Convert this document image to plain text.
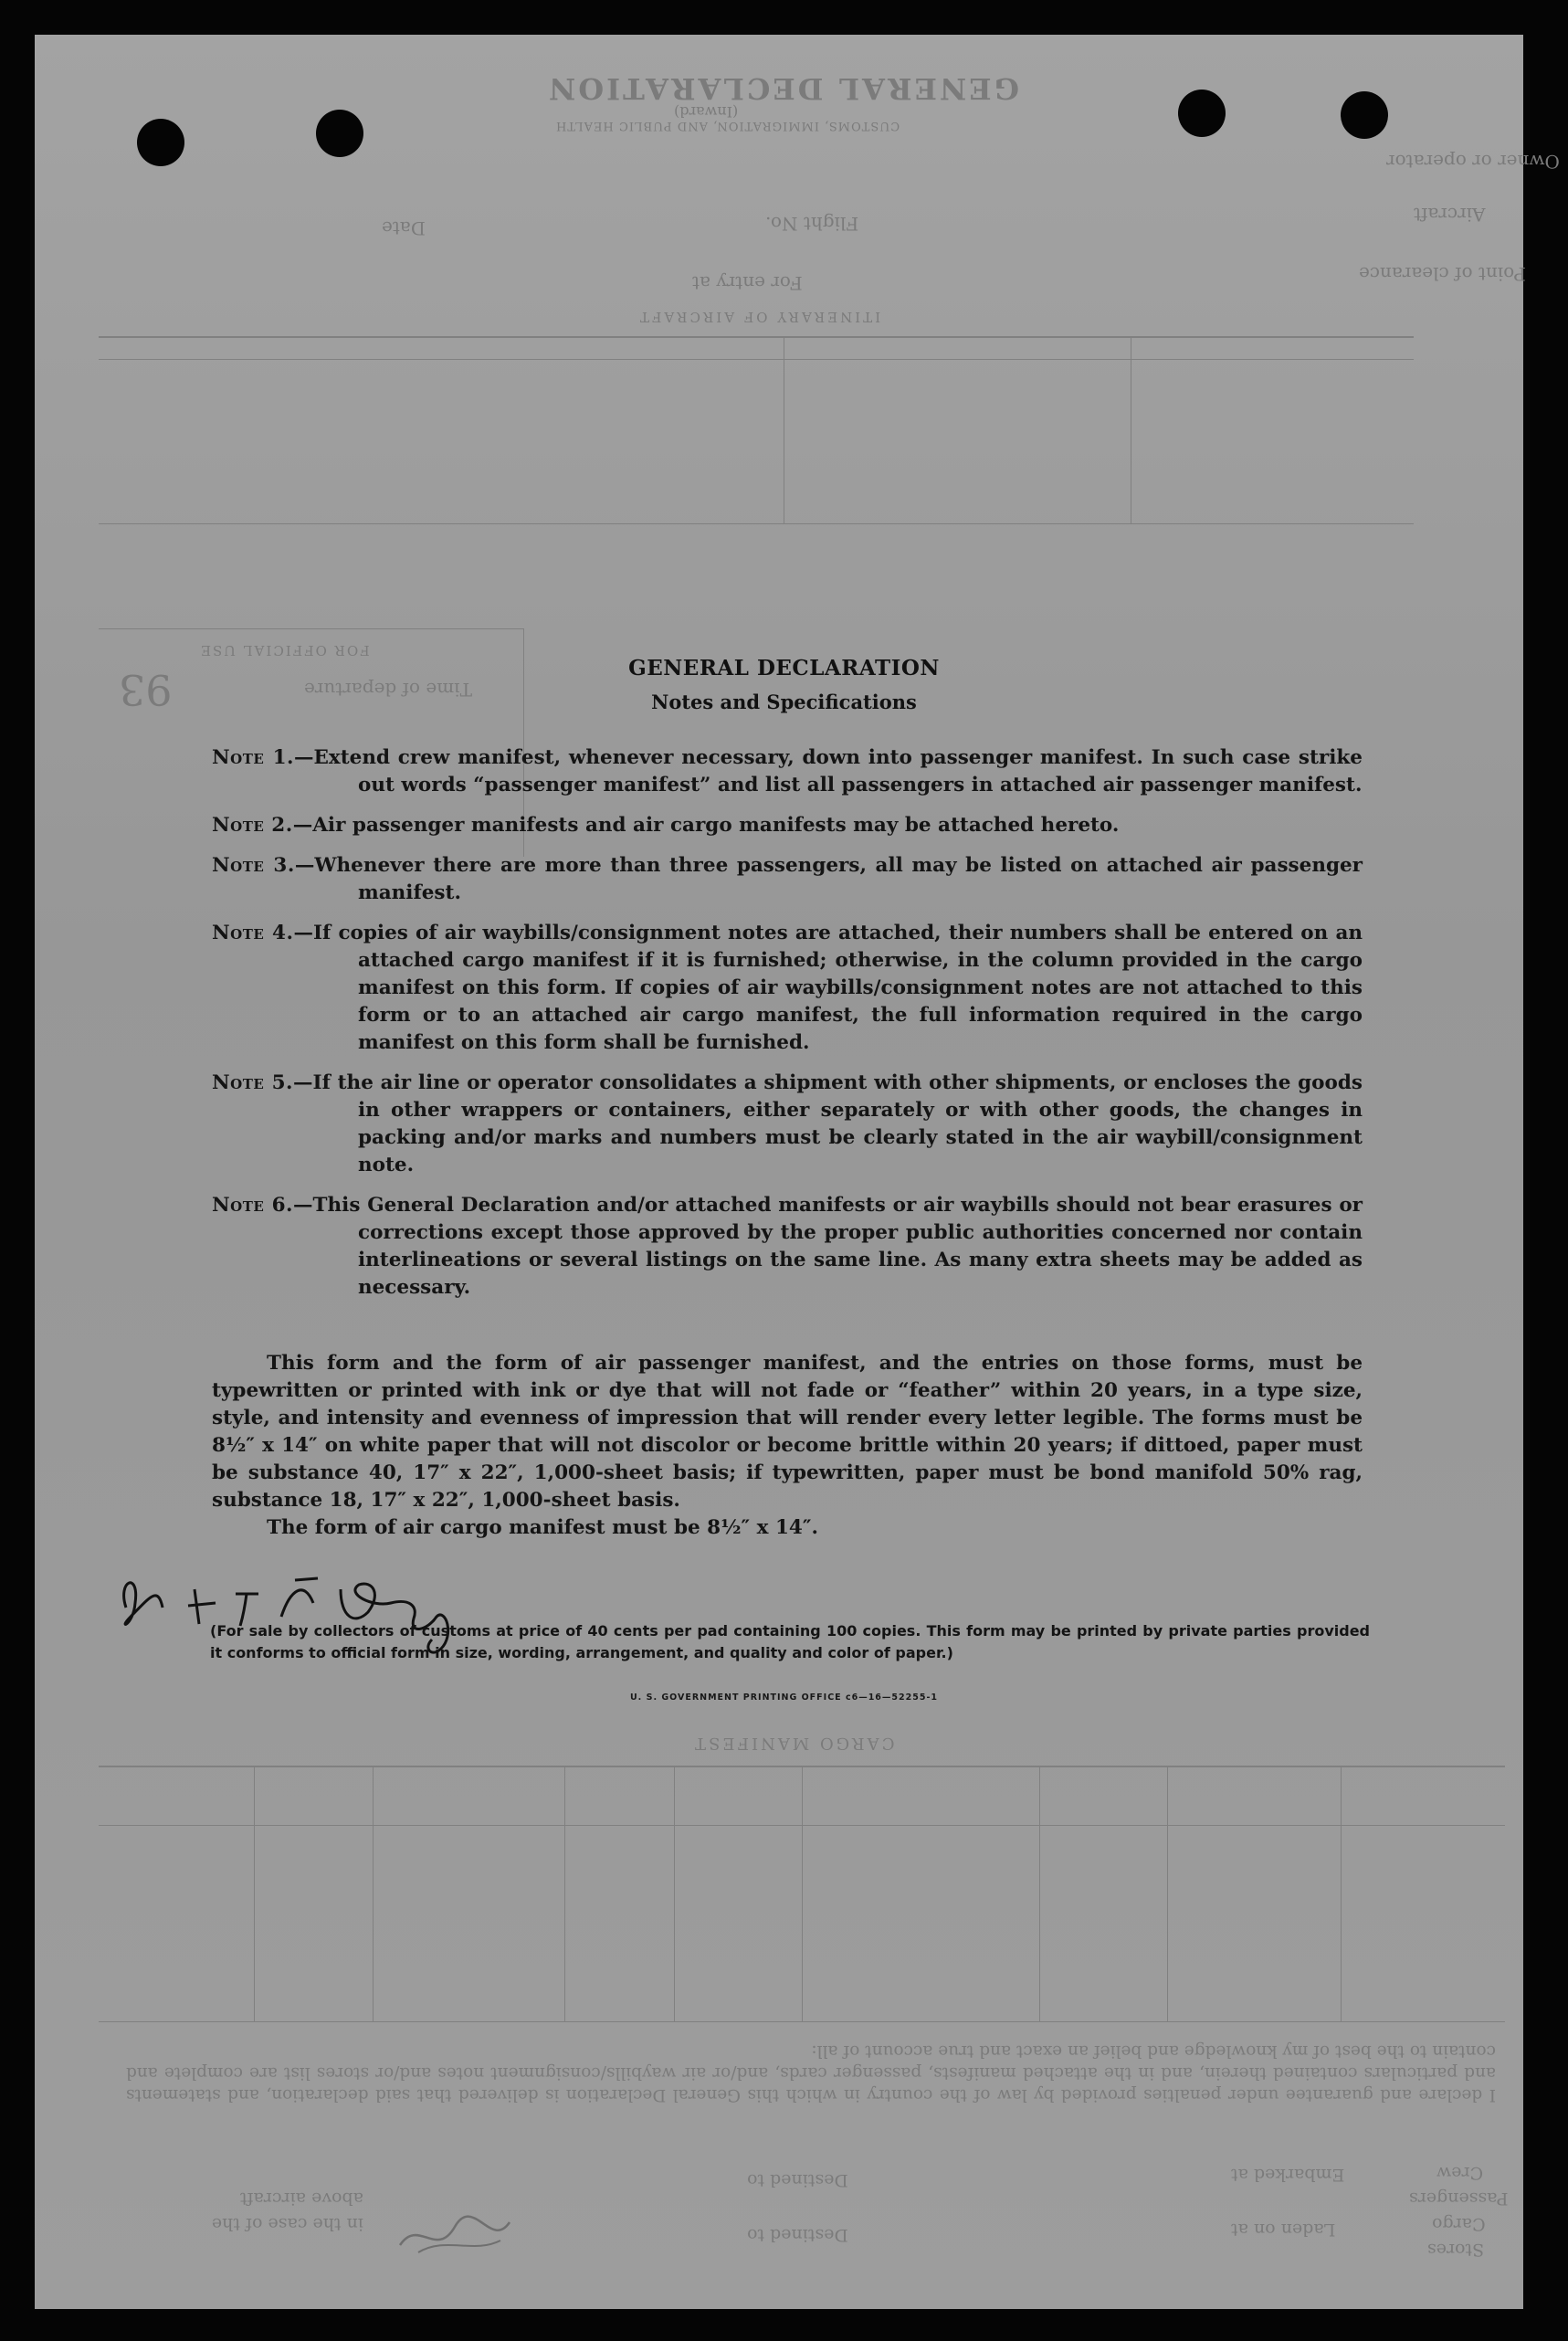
GENERAL DECLARATION
(Inward)
CUSTOMS, IMMIGRATION, AND PUBLIC HEALTH
Owner or operator
Aircraft
Flight No.
Date
Point of clearance
For entry at
ITINERARY OF AIRCRAFT
FOR OFFICIAL USE
Time of departure
93
CARGO MANIFEST
I declare and guarantee under penalties provided by law of the country in which this General Declaration is delivered that said declaration, and statements and particulars contained therein, and in the attached manifests, passenger cards, and/or air waybills/consignment notes and/or stores list are complete and contain to the best of my knowledge and belief an exact and true account of all:
Crew
Passengers
Cargo
Stores
Embarked at
Laden on at
Destined to
Destined to
in the case of the above aircraft
GENERAL DECLARATION
Notes and Specifications
Note 1.—Extend crew manifest, whenever necessary, down into passenger manifest. In such case strike out words “passenger manifest” and list all passengers in attached air passenger manifest.
Note 2.—Air passenger manifests and air cargo manifests may be attached hereto.
Note 3.—Whenever there are more than three passengers, all may be listed on attached air passenger manifest.
Note 4.—If copies of air waybills/consignment notes are attached, their numbers shall be entered on an attached cargo manifest if it is furnished; otherwise, in the column provided in the cargo manifest on this form. If copies of air waybills/consignment notes are not attached to this form or to an attached air cargo manifest, the full information required in the cargo manifest on this form shall be furnished.
Note 5.—If the air line or operator consolidates a shipment with other shipments, or encloses the goods in other wrappers or containers, either separately or with other goods, the changes in packing and/or marks and numbers must be clearly stated in the air waybill/consignment note.
Note 6.—This General Declaration and/or attached manifests or air waybills should not bear erasures or corrections except those approved by the proper public authorities concerned nor contain interlineations or several listings on the same line. As many extra sheets may be added as necessary.

This form and the form of air passenger manifest, and the entries on those forms, must be typewritten or printed with ink or dye that will not fade or “feather” within 20 years, in a type size, style, and intensity and evenness of impression that will render every letter legible. The forms must be 8½″ x 14″ on white paper that will not discolor or become brittle within 20 years; if dittoed, paper must be substance 40, 17″ x 22″, 1,000-sheet basis; if typewritten, paper must be bond manifold 50% rag, substance 18, 17″ x 22″, 1,000-sheet basis.

The form of air cargo manifest must be 8½″ x 14″.

(For sale by collectors of customs at price of 40 cents per pad containing 100 copies. This form may be printed by private parties provided it conforms to official form in size, wording, arrangement, and quality and color of paper.)
U. S. GOVERNMENT PRINTING OFFICE c6—16—52255-1
